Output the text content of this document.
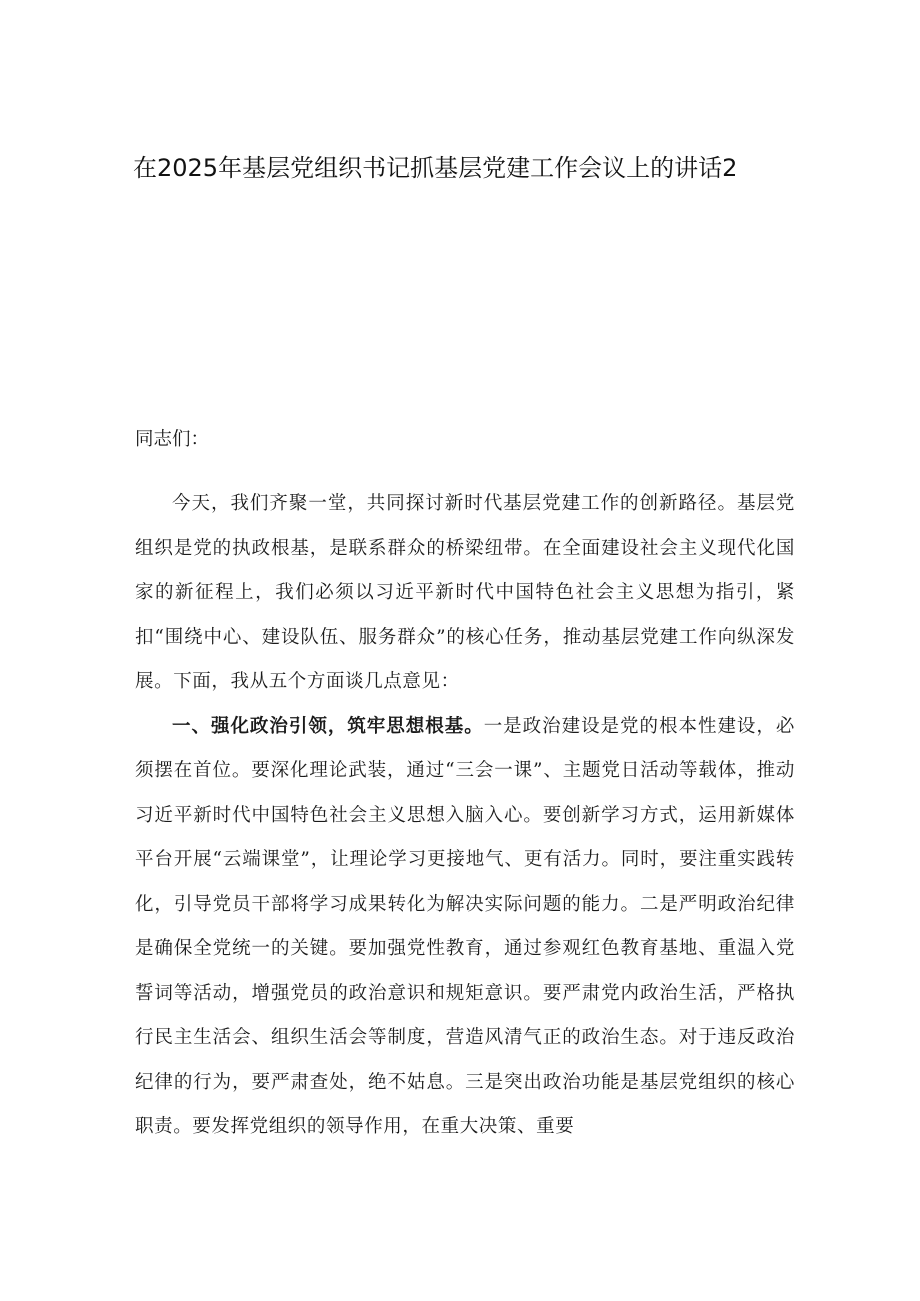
在2025年基层党组织书记抓基层党建工作会议上的讲话2

同志们：

今天，我们齐聚一堂，共同探讨新时代基层党建工作的创新路径。基层党组织是党的执政根基，是联系群众的桥梁纽带。在全面建设社会主义现代化国家的新征程上，我们必须以习近平新时代中国特色社会主义思想为指引，紧扣“围绕中心、建设队伍、服务群众”的核心任务，推动基层党建工作向纵深发展。下面，我从五个方面谈几点意见：

一、强化政治引领，筑牢思想根基。一是政治建设是党的根本性建设，必须摆在首位。要深化理论武装，通过“三会一课”、主题党日活动等载体，推动习近平新时代中国特色社会主义思想入脑入心。要创新学习方式，运用新媒体平台开展“云端课堂”，让理论学习更接地气、更有活力。同时，要注重实践转化，引导党员干部将学习成果转化为解决实际问题的能力。二是严明政治纪律是确保全党统一的关键。要加强党性教育，通过参观红色教育基地、重温入党誓词等活动，增强党员的政治意识和规矩意识。要严肃党内政治生活，严格执行民主生活会、组织生活会等制度，营造风清气正的政治生态。对于违反政治纪律的行为，要严肃查处，绝不姑息。三是突出政治功能是基层党组织的核心职责。要发挥党组织的领导作用，在重大决策、重要
